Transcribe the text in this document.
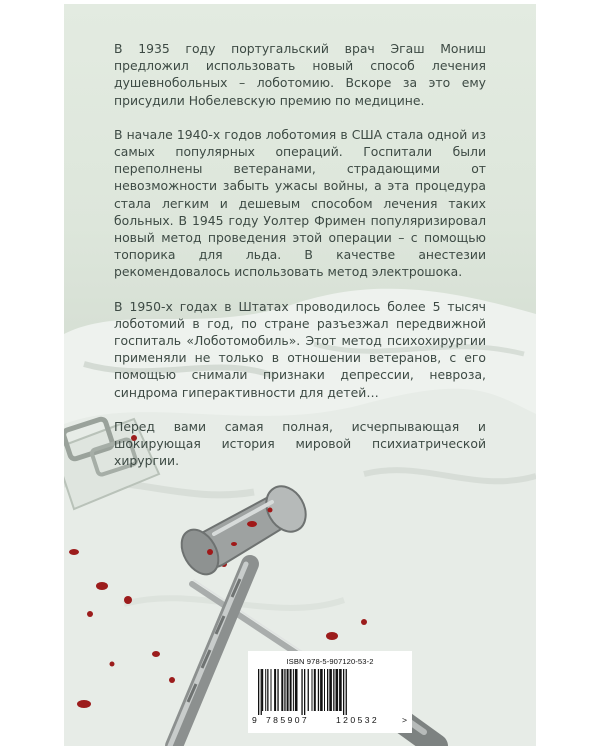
В 1935 году португальский врач Эгаш Мониш предложил использовать новый способ лечения душевнобольных – лоботомию. Вскоре за это ему присудили Нобелевскую премию по медицине.

В начале 1940-х годов лоботомия в США стала одной из самых популярных операций. Госпитали были переполнены ветеранами, страдающими от невозможности забыть ужасы войны, а эта процедура стала легким и дешевым способом лечения таких больных. В 1945 году Уолтер Фримен популяризировал новый метод проведения этой операции – с помощью топорика для льда. В качестве анестезии рекомендовалось использовать метод электрошока.

В 1950-х годах в Штатах проводилось более 5 тысяч лоботомий в год, по стране разъезжал передвижной госпиталь «Лоботомобиль». Этот метод психохирургии применяли не только в отношении ветеранов, с его помощью снимали признаки депрессии, невроза, синдрома гиперактивности для детей…

Перед вами самая полная, исчерпывающая и шокирующая история мировой психиатрической хирургии.

ISBN 978-5-907120-53-2
9 785907	120532	>
